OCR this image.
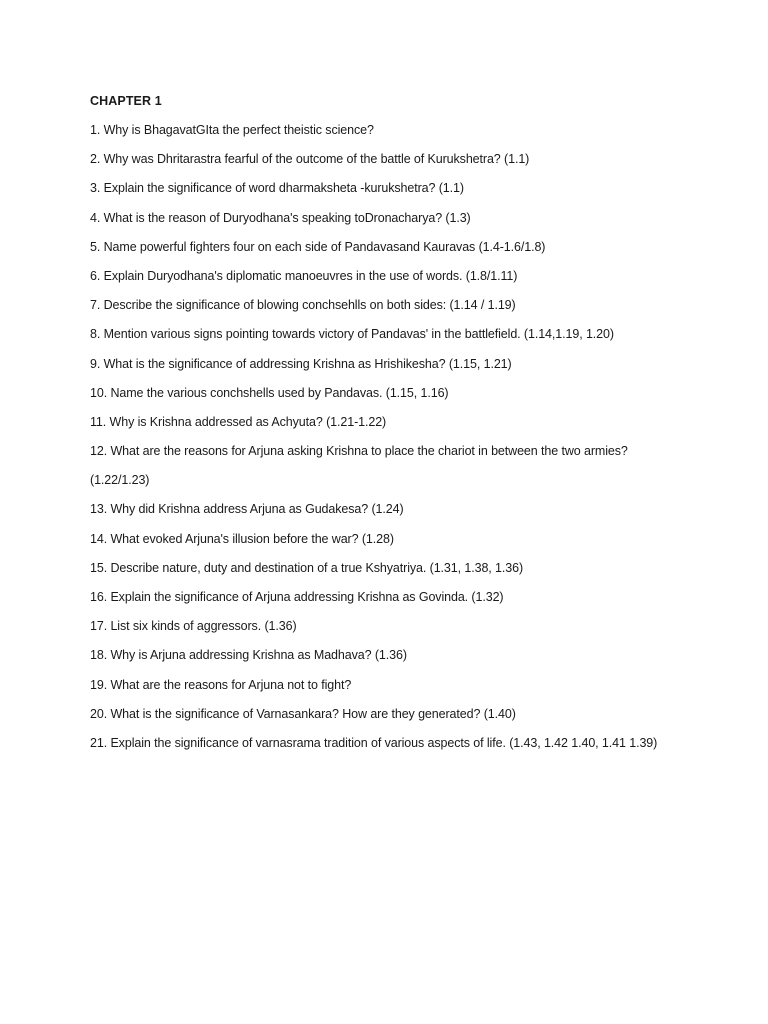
CHAPTER 1
1. Why is BhagavatGIta the perfect theistic science?
2. Why was Dhritarastra fearful of the outcome of the battle of Kurukshetra? (1.1)
3. Explain the significance of word dharmaksheta -kurukshetra? (1.1)
4. What is the reason of Duryodhana's speaking toDronacharya? (1.3)
5. Name powerful fighters four on each side of Pandavasand Kauravas (1.4-1.6/1.8)
6. Explain Duryodhana's diplomatic manoeuvres in the use of words. (1.8/1.11)
7. Describe the significance of blowing conchsehlls on both sides: (1.14 / 1.19)
8. Mention various signs pointing towards victory of Pandavas' in the battlefield. (1.14,1.19, 1.20)
9. What is the significance of addressing Krishna as Hrishikesha? (1.15, 1.21)
10. Name the various conchshells used by Pandavas. (1.15, 1.16)
11. Why is Krishna addressed as Achyuta? (1.21-1.22)
12. What are the reasons for Arjuna asking Krishna to place the chariot in between the two armies?
(1.22/1.23)
13. Why did Krishna address Arjuna as Gudakesa? (1.24)
14. What evoked Arjuna's illusion before the war? (1.28)
15. Describe nature, duty and destination of a true Kshyatriya. (1.31, 1.38, 1.36)
16. Explain the significance of Arjuna addressing Krishna as Govinda. (1.32)
17. List six kinds of aggressors. (1.36)
18. Why is Arjuna addressing Krishna as Madhava? (1.36)
19. What are the reasons for Arjuna not to fight?
20. What is the significance of Varnasankara? How are they generated? (1.40)
21. Explain the significance of varnasrama tradition of various aspects of life. (1.43, 1.42 1.40, 1.41 1.39)
